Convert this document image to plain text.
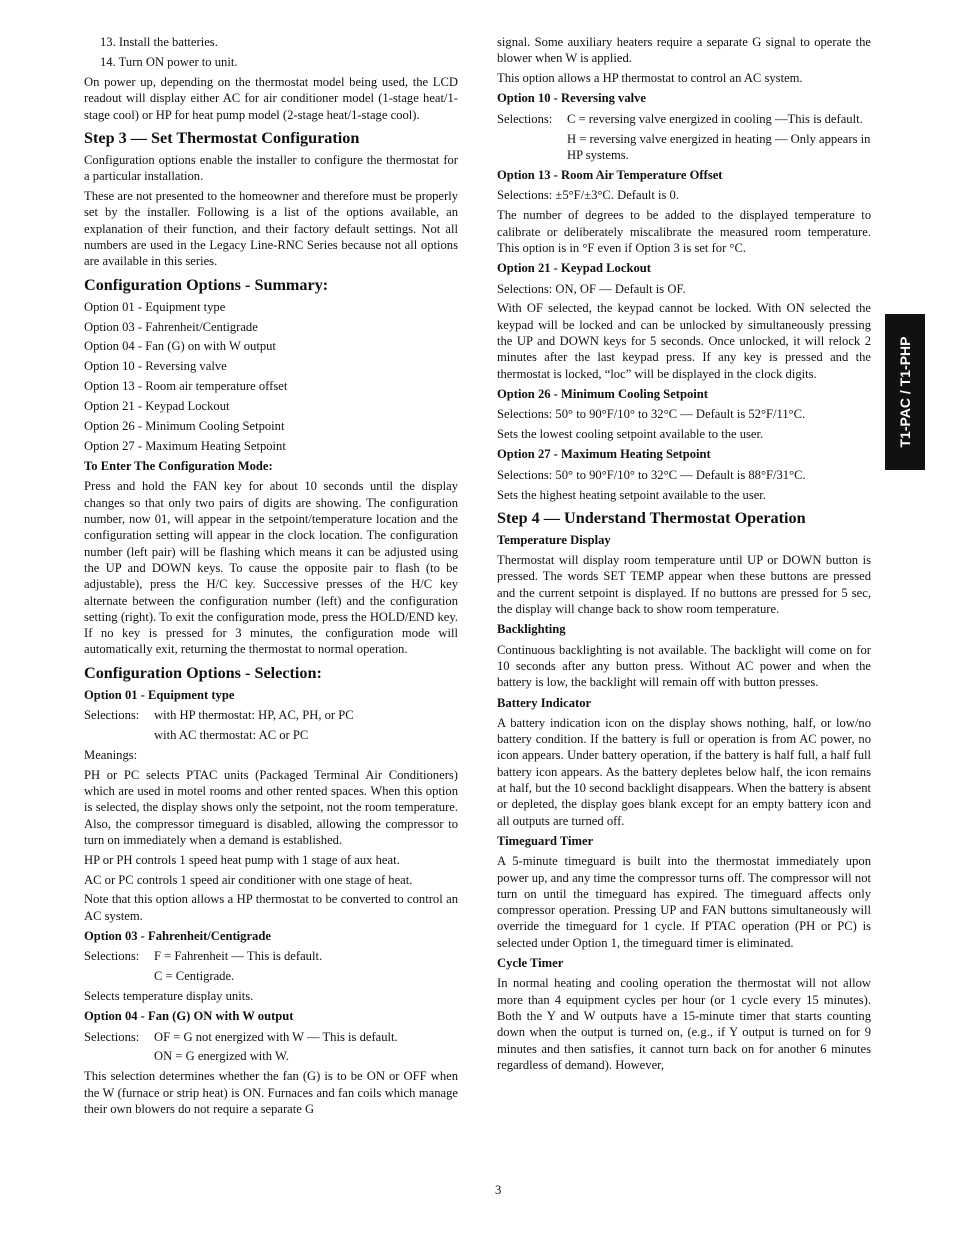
13. Install the batteries.
14. Turn ON power to unit.
On power up, depending on the thermostat model being used, the LCD readout will display either AC for air conditioner model (1-stage heat/1-stage cool) or HP for heat pump model (2-stage heat/1-stage cool).
Step 3 — Set Thermostat Configuration
Configuration options enable the installer to configure the thermostat for a particular installation.
These are not presented to the homeowner and therefore must be properly set by the installer. Following is a list of the options available, an explanation of their function, and their factory default settings. Not all numbers are used in the Legacy Line-RNC Series because not all options are available in this series.
Configuration Options - Summary:
Option 01 - Equipment type
Option 03 - Fahrenheit/Centigrade
Option 04 - Fan (G) on with W output
Option 10 - Reversing valve
Option 13 - Room air temperature offset
Option 21 - Keypad Lockout
Option 26 - Minimum Cooling Setpoint
Option 27 - Maximum Heating Setpoint
To Enter The Configuration Mode:
Press and hold the FAN key for about 10 seconds until the display changes so that only two pairs of digits are showing. The configuration number, now 01, will appear in the setpoint/temperature location and the configuration setting will appear in the clock location. The configuration number (left pair) will be flashing which means it can be adjusted using the UP and DOWN keys. To cause the opposite pair to flash (to be adjustable), press the H/C key. Successive presses of the H/C key alternate between the configuration number (left) and the configuration setting (right). To exit the configuration mode, press the HOLD/END key. If no key is pressed for 3 minutes, the configuration mode will automatically exit, returning the thermostat to normal operation.
Configuration Options - Selection:
Option 01 - Equipment type
Selections:	with HP thermostat: HP, AC, PH, or PC
with AC thermostat: AC or PC
Meanings:
PH or PC selects PTAC units (Packaged Terminal Air Conditioners) which are used in motel rooms and other rented spaces. When this option is selected, the display shows only the setpoint, not the room temperature. Also, the compressor timeguard is disabled, allowing the compressor to turn on immediately when a demand is established.
HP or PH controls 1 speed heat pump with 1 stage of aux heat.
AC or PC controls 1 speed air conditioner with one stage of heat.
Note that this option allows a HP thermostat to be converted to control an AC system.
Option 03 - Fahrenheit/Centigrade
Selections:	F = Fahrenheit — This is default.
C = Centigrade.
Selects temperature display units.
Option 04 - Fan (G) ON with W output
Selections:	OF = G not energized with W — This is default.
ON = G energized with W.
This selection determines whether the fan (G) is to be ON or OFF when the W (furnace or strip heat) is ON. Furnaces and fan coils which manage their own blowers do not require a separate G
signal. Some auxiliary heaters require a separate G signal to operate the blower when W is applied.
This option allows a HP thermostat to control an AC system.
Option 10 - Reversing valve
Selections:	C = reversing valve energized in cooling —This is default.
H = reversing valve energized in heating — Only appears in HP systems.
Option 13 - Room Air Temperature Offset
Selections: ±5°F/±3°C. Default is 0.
The number of degrees to be added to the displayed temperature to calibrate or deliberately miscalibrate the measured room temperature. This option is in °F even if Option 3 is set for °C.
Option 21 - Keypad Lockout
Selections: ON, OF — Default is OF.
With OF selected, the keypad cannot be locked. With ON selected the keypad will be locked and can be unlocked by simultaneously pressing the UP and DOWN keys for 5 seconds. Once unlocked, it will relock 2 minutes after the last keypad press. If any key is pressed and the thermostat is locked, “loc” will be displayed in the clock digits.
Option 26 - Minimum Cooling Setpoint
Selections: 50° to 90°F/10° to 32°C — Default is 52°F/11°C.
Sets the lowest cooling setpoint available to the user.
Option 27 - Maximum Heating Setpoint
Selections: 50° to 90°F/10° to 32°C — Default is 88°F/31°C.
Sets the highest heating setpoint available to the user.
Step 4 — Understand Thermostat Operation
Temperature Display
Thermostat will display room temperature until UP or DOWN button is pressed. The words SET TEMP appear when these buttons are pressed and the current setpoint is displayed. If no buttons are pressed for 5 sec, the display will change back to show room temperature.
Backlighting
Continuous backlighting is not available. The backlight will come on for 10 seconds after any button press. Without AC power and when the battery is low, the backlight will remain off with button presses.
Battery Indicator
A battery indication icon on the display shows nothing, half, or low/no battery condition. If the battery is full or operation is from AC power, no icon appears. Under battery operation, if the battery is half full, a half full battery icon appears. As the battery depletes below half, the icon remains at half, but the 10 second backlight disappears. When the battery is absent or depleted, the display goes blank except for an empty battery icon and all outputs are turned off.
Timeguard Timer
A 5-minute timeguard is built into the thermostat immediately upon power up, and any time the compressor turns off. The compressor will not turn on until the timeguard has expired. The timeguard affects only compressor operation. Pressing UP and FAN buttons simultaneously will override the timeguard for 1 cycle. If PTAC operation (PH or PC) is selected under Option 1, the timeguard timer is eliminated.
Cycle Timer
In normal heating and cooling operation the thermostat will not allow more than 4 equipment cycles per hour (or 1 cycle every 15 minutes). Both the Y and W outputs have a 15-minute timer that starts counting down when the output is turned on, (e.g., if Y output is turned on for 9 minutes and then satisfies, it cannot turn back on for another 6 minutes regardless of demand). However,
T1-PAC / T1-PHP
3
